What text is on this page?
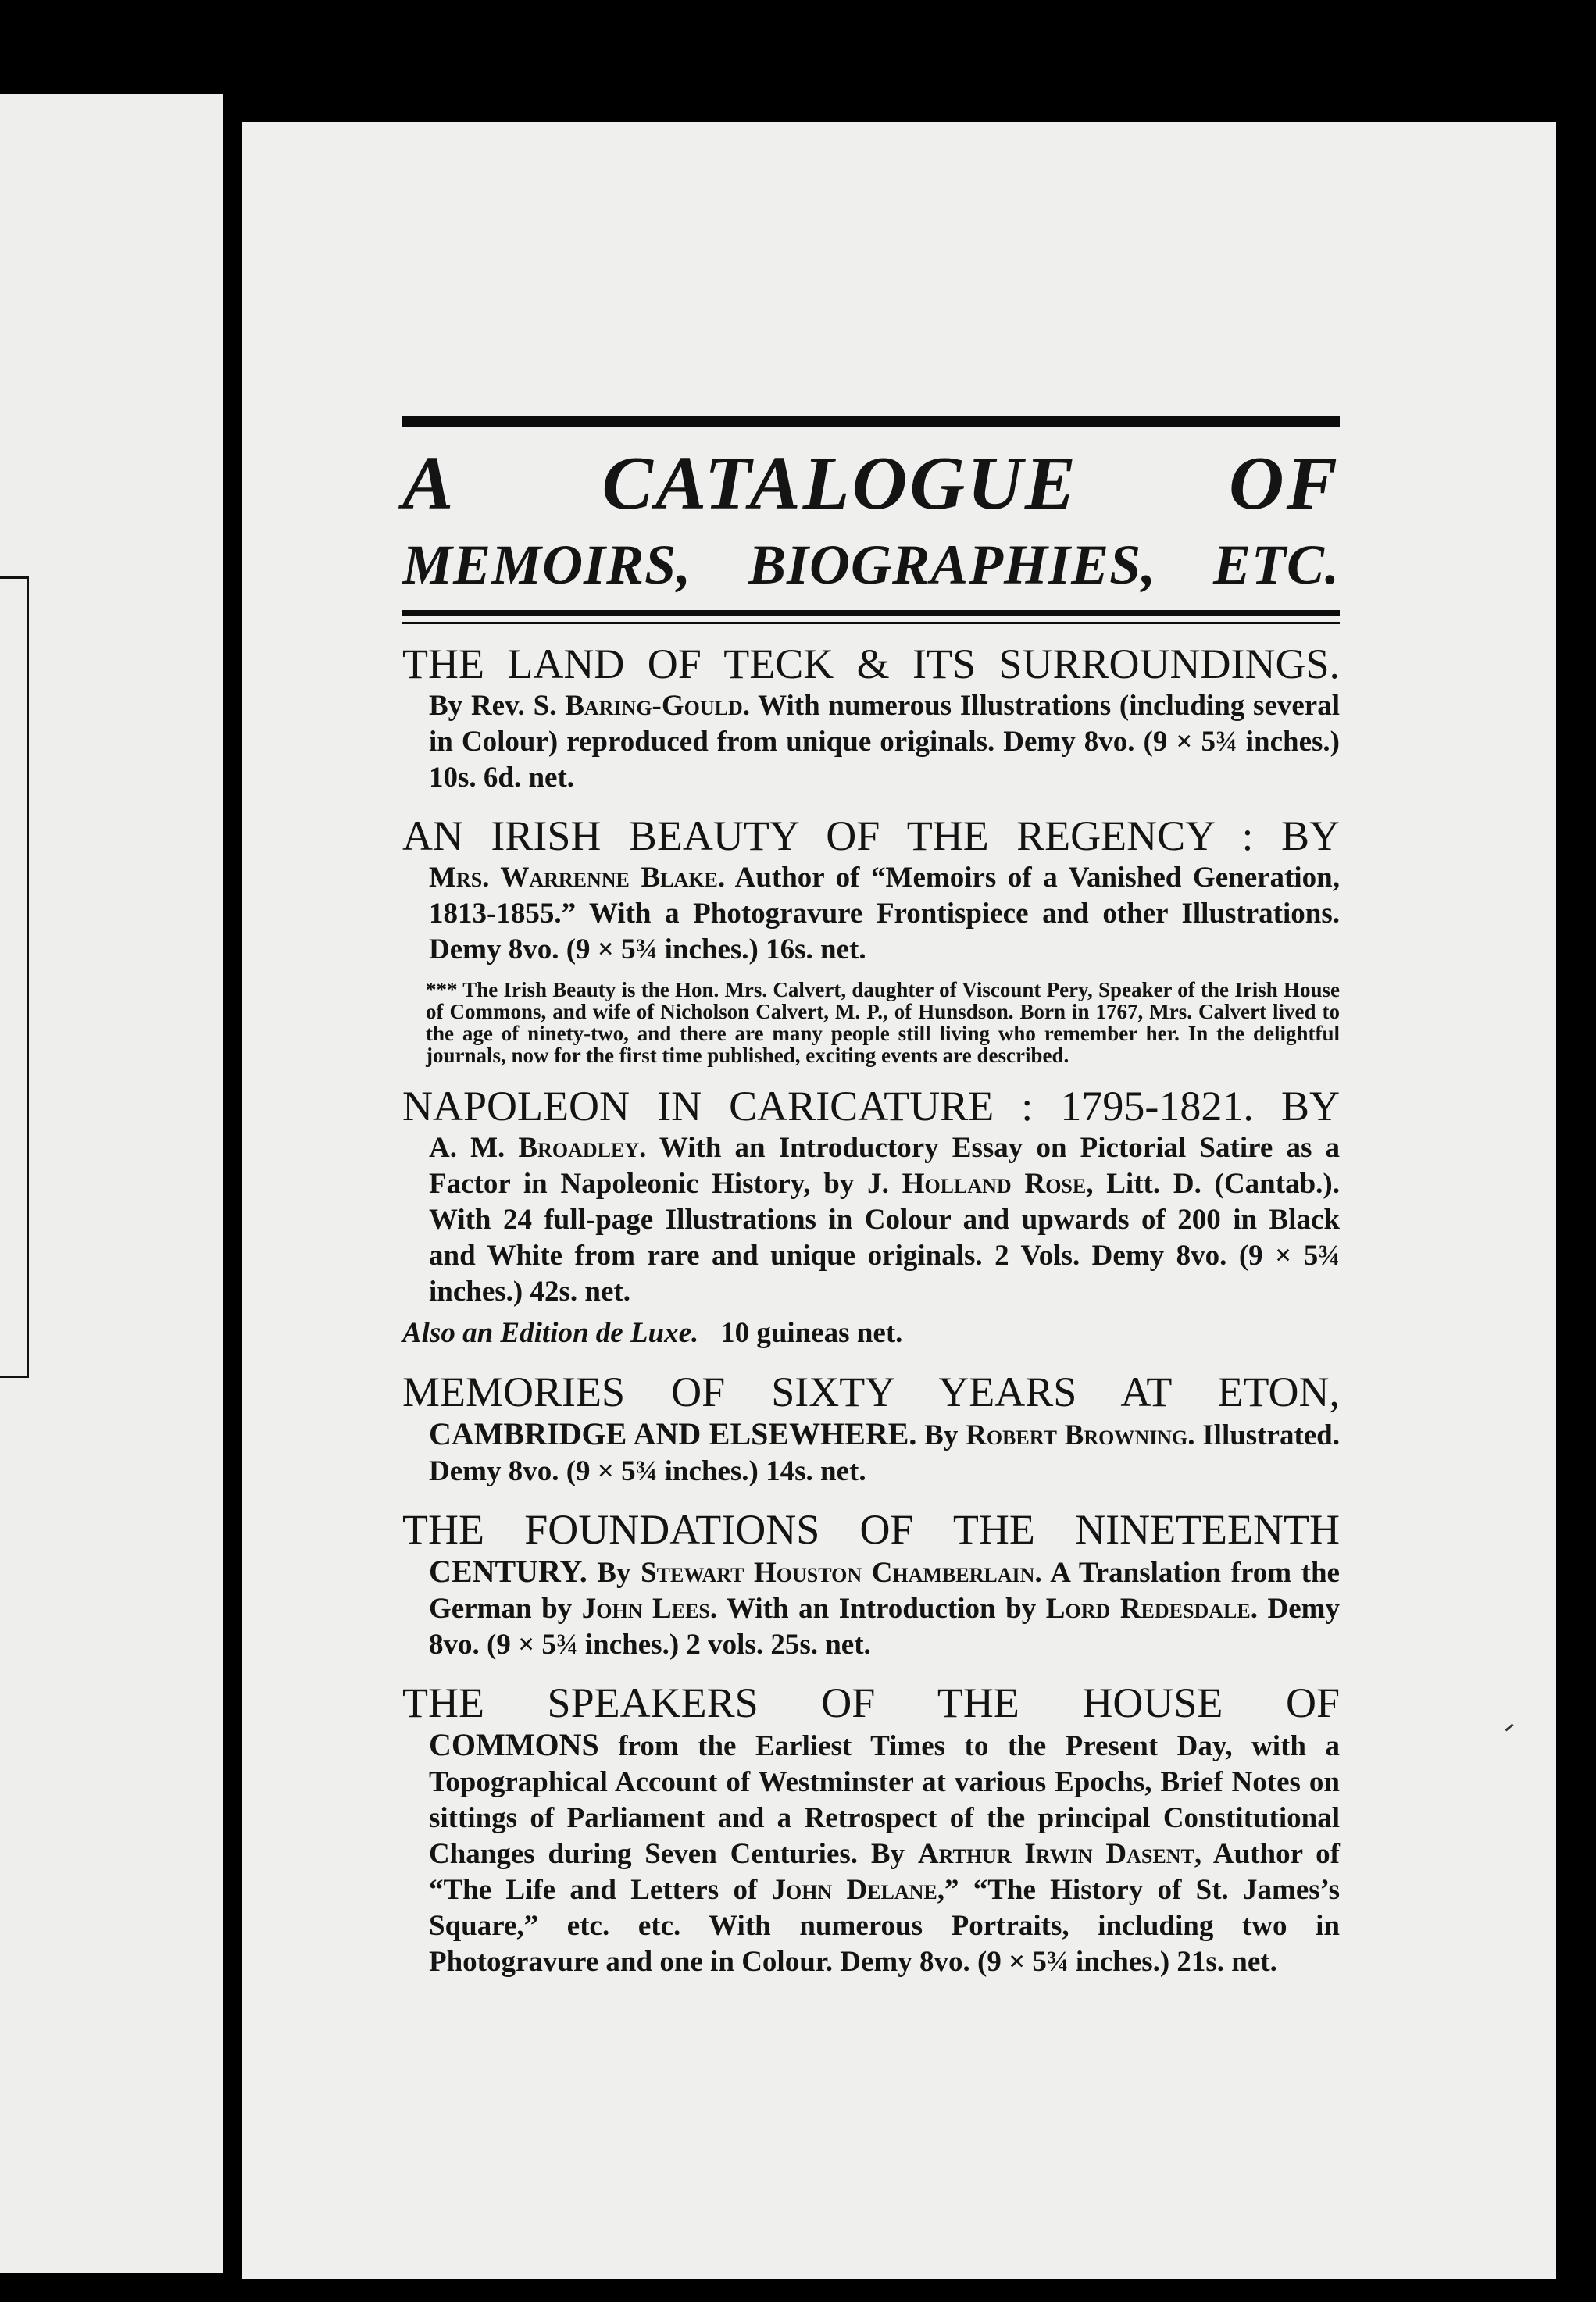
A CATALOGUE OF
MEMOIRS, BIOGRAPHIES, ETC.
THE LAND OF TECK & ITS SURROUNDINGS.
By Rev. S. Baring-Gould. With numerous Illustrations (including several in Colour) reproduced from unique originals. Demy 8vo. (9 × 5¾ inches.) 10s. 6d. net.
AN IRISH BEAUTY OF THE REGENCY : BY
Mrs. Warrenne Blake. Author of “Memoirs of a Vanished Generation, 1813-1855.” With a Photogravure Frontispiece and other Illustrations. Demy 8vo. (9 × 5¾ inches.) 16s. net.
*** The Irish Beauty is the Hon. Mrs. Calvert, daughter of Viscount Pery, Speaker of the Irish House of Commons, and wife of Nicholson Calvert, M. P., of Hunsdson. Born in 1767, Mrs. Calvert lived to the age of ninety-two, and there are many people still living who remember her. In the delightful journals, now for the first time published, exciting events are described.
NAPOLEON IN CARICATURE : 1795-1821. BY
A. M. Broadley. With an Introductory Essay on Pictorial Satire as a Factor in Napoleonic History, by J. Holland Rose, Litt. D. (Cantab.). With 24 full-page Illustrations in Colour and upwards of 200 in Black and White from rare and unique originals. 2 Vols. Demy 8vo. (9 × 5¾ inches.) 42s. net.
Also an Edition de Luxe. 10 guineas net.
MEMORIES OF SIXTY YEARS AT ETON,
CAMBRIDGE AND ELSEWHERE. By Robert Browning. Illustrated. Demy 8vo. (9 × 5¾ inches.) 14s. net.
THE FOUNDATIONS OF THE NINETEENTH
CENTURY. By Stewart Houston Chamberlain. A Translation from the German by John Lees. With an Introduction by Lord Redesdale. Demy 8vo. (9 × 5¾ inches.) 2 vols. 25s. net.
THE SPEAKERS OF THE HOUSE OF
COMMONS from the Earliest Times to the Present Day, with a Topographical Account of Westminster at various Epochs, Brief Notes on sittings of Parliament and a Retrospect of the principal Constitutional Changes during Seven Centuries. By Arthur Irwin Dasent, Author of “The Life and Letters of John Delane,” “The History of St. James’s Square,” etc. etc. With numerous Portraits, including two in Photogravure and one in Colour. Demy 8vo. (9 × 5¾ inches.) 21s. net.
